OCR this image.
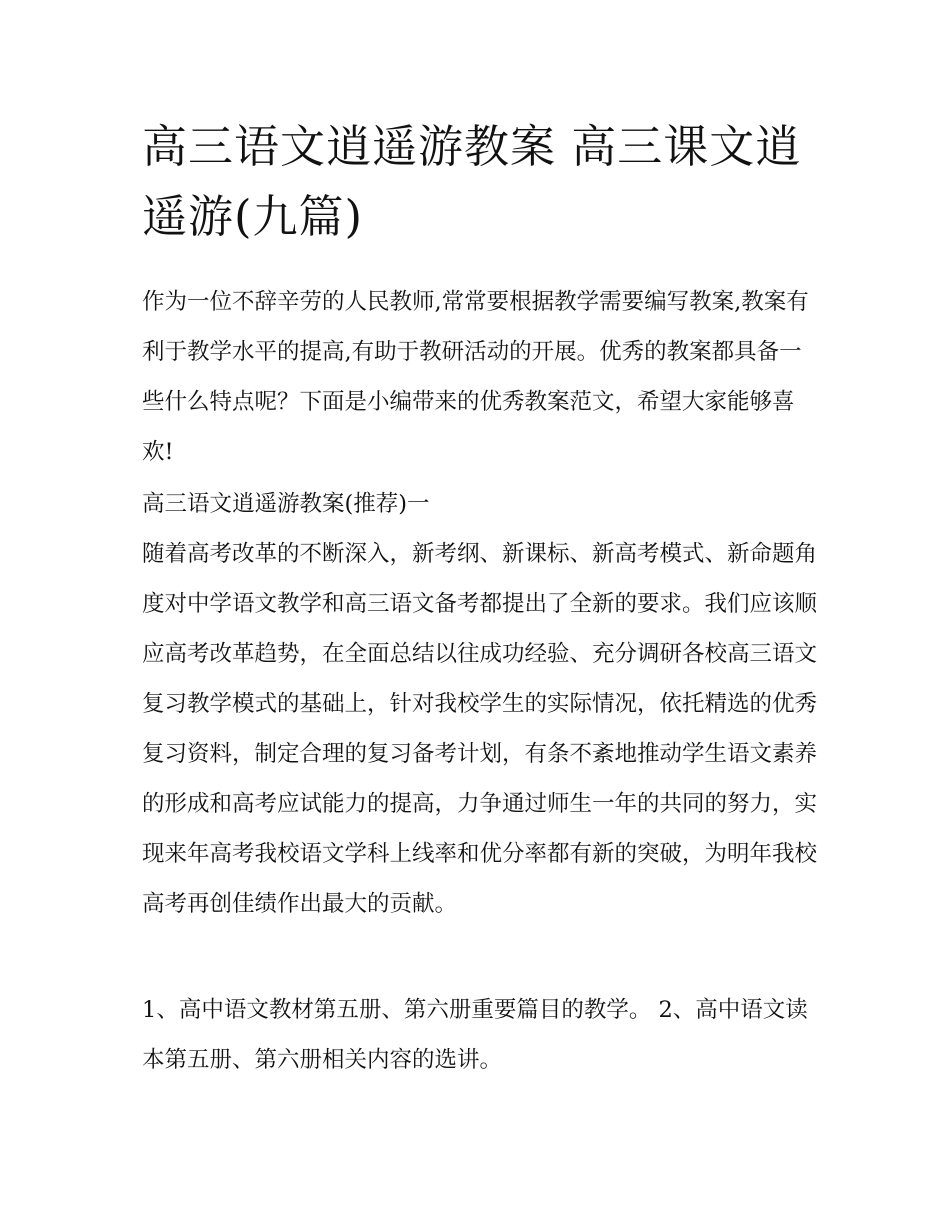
高三语文逍遥游教案 高三课文逍遥游(九篇)

作为一位不辞辛劳的人民教师,常常要根据教学需要编写教案,教案有利于教学水平的提高,有助于教研活动的开展。优秀的教案都具备一些什么特点呢？下面是小编带来的优秀教案范文，希望大家能够喜欢!

高三语文逍遥游教案(推荐)一

随着高考改革的不断深入，新考纲、新课标、新高考模式、新命题角度对中学语文教学和高三语文备考都提出了全新的要求。我们应该顺应高考改革趋势，在全面总结以往成功经验、充分调研各校高三语文复习教学模式的基础上，针对我校学生的实际情况，依托精选的优秀复习资料，制定合理的复习备考计划，有条不紊地推动学生语文素养的形成和高考应试能力的提高，力争通过师生一年的共同的努力，实现来年高考我校语文学科上线率和优分率都有新的突破，为明年我校高考再创佳绩作出最大的贡献。

1、高中语文教材第五册、第六册重要篇目的教学。 2、高中语文读本第五册、第六册相关内容的选讲。
